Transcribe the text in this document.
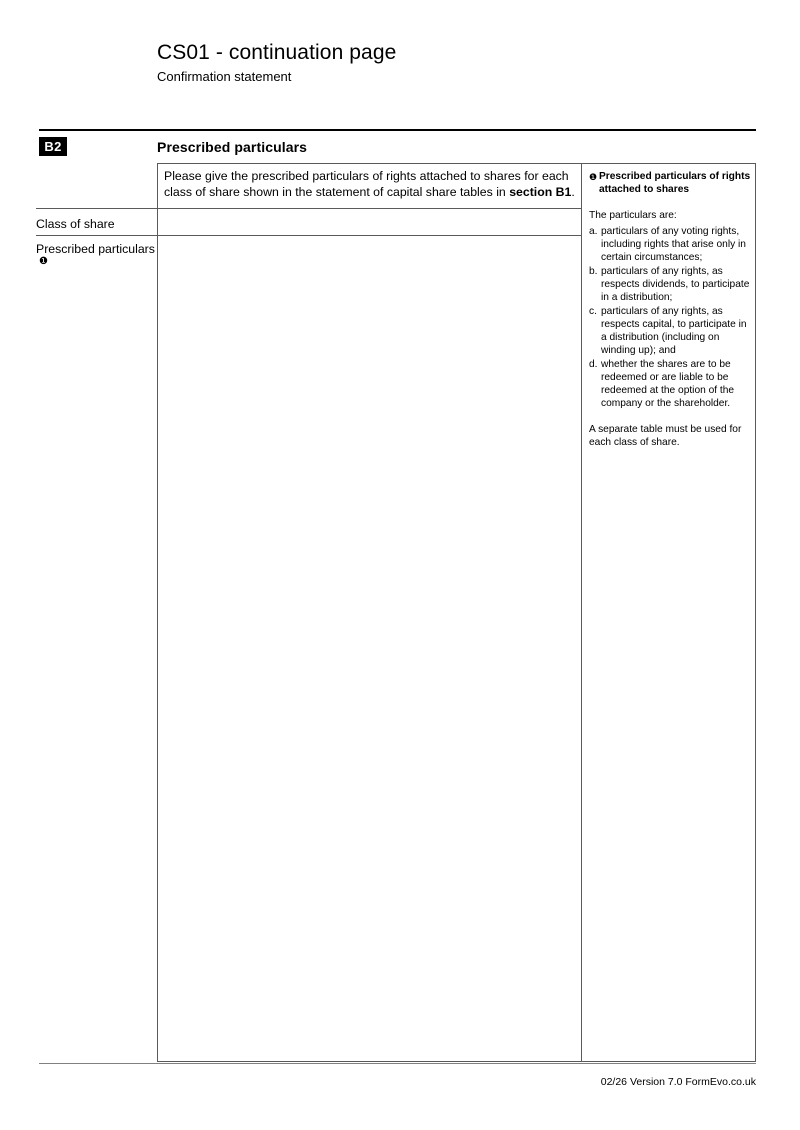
CS01 - continuation page
Confirmation statement
B2	Prescribed particulars
Please give the prescribed particulars of rights attached to shares for each class of share shown in the statement of capital share tables in section B1.
Class of share
Prescribed particulars
❶
❶ Prescribed particulars of rights attached to shares
The particulars are:
a. particulars of any voting rights, including rights that arise only in certain circumstances;
b. particulars of any rights, as respects dividends, to participate in a distribution;
c. particulars of any rights, as respects capital, to participate in a distribution (including on winding up); and
d. whether the shares are to be redeemed or are liable to be redeemed at the option of the company or the shareholder.
A separate table must be used for each class of share.
02/26 Version 7.0 FormEvo.co.uk
